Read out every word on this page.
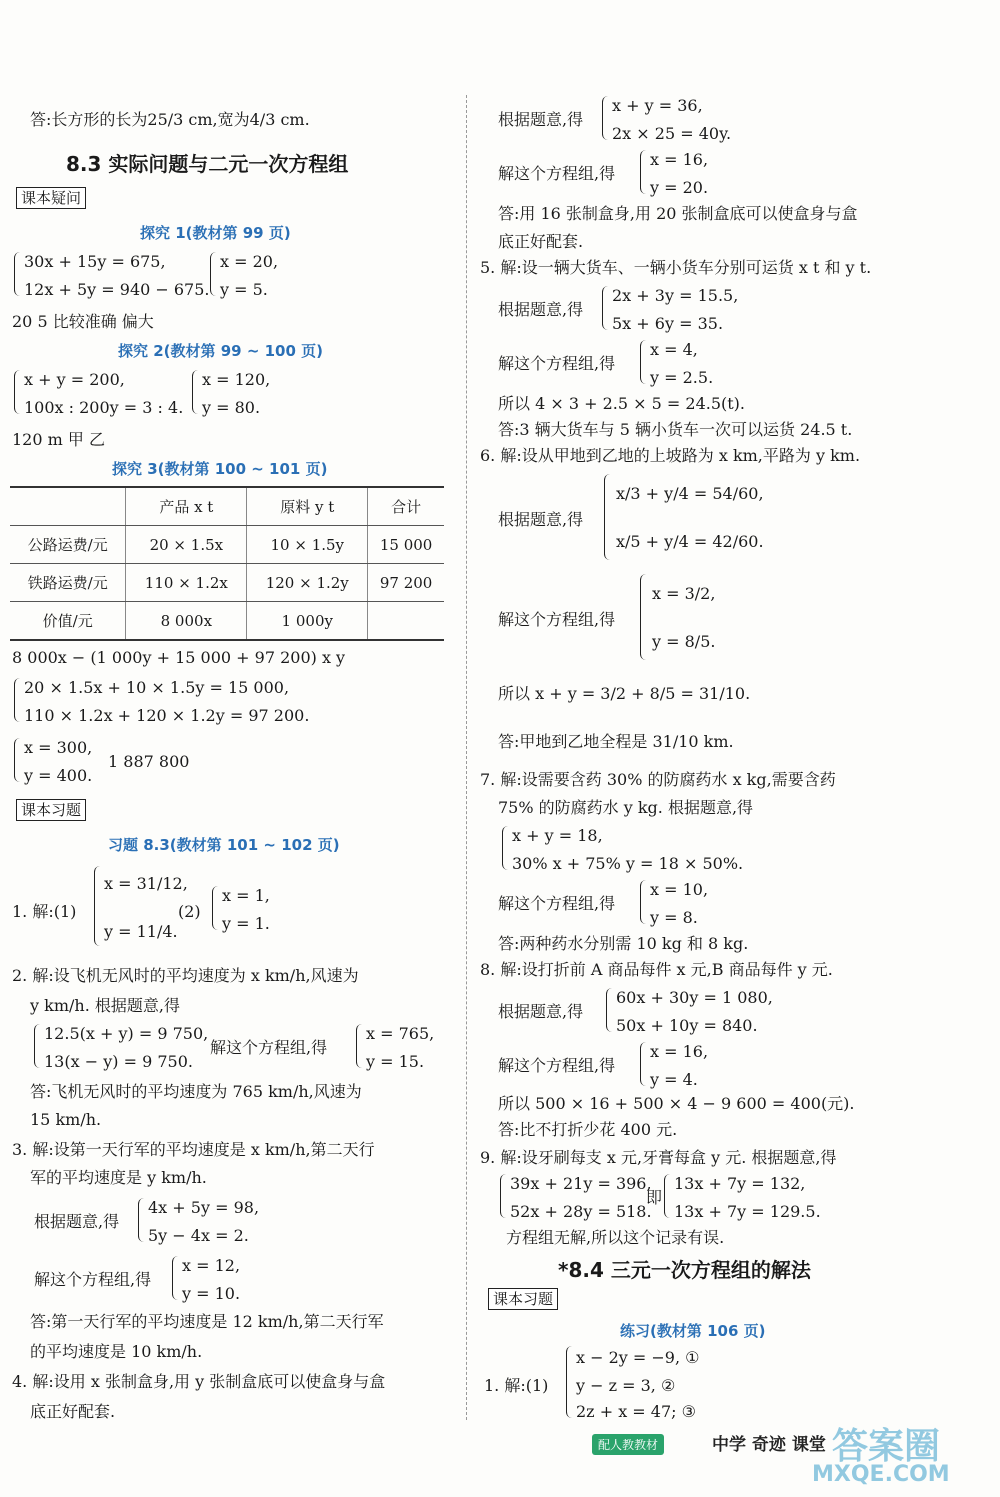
答:长方形的长为25/3 cm,宽为4/3 cm.
8.3 实际问题与二元一次方程组
课本疑问
探究 1(教材第 99 页)
30x + 15y = 675,
12x + 5y = 940 − 675.
x = 20,
y = 5.
20 5 比较准确 偏大
探究 2(教材第 99 ~ 100 页)
x + y = 200,
100x : 200y = 3 : 4.
x = 120,
y = 80.
120 m 甲 乙
探究 3(教材第 100 ~ 101 页)
	产品 x t	原料 y t	合计
公路运费/元	20 × 1.5x	10 × 1.5y	15 000
铁路运费/元	110 × 1.2x	120 × 1.2y	97 200
价值/元	8 000x	1 000y	
8 000x − (1 000y + 15 000 + 97 200) x y
20 × 1.5x + 10 × 1.5y = 15 000,
110 × 1.2x + 120 × 1.2y = 97 200.
x = 300,
y = 400.
1 887 800
课本习题
习题 8.3(教材第 101 ~ 102 页)
1. 解:(1)
x = 31/12,
y = 11/4.
(2)
x = 1,
y = 1.
2. 解:设飞机无风时的平均速度为 x km/h,风速为
y km/h. 根据题意,得
12.5(x + y) = 9 750,
13(x − y) = 9 750.
解这个方程组,得
x = 765,
y = 15.
答:飞机无风时的平均速度为 765 km/h,风速为
15 km/h.
3. 解:设第一天行军的平均速度是 x km/h,第二天行
军的平均速度是 y km/h.
根据题意,得
4x + 5y = 98,
5y − 4x = 2.
解这个方程组,得
x = 12,
y = 10.
答:第一天行军的平均速度是 12 km/h,第二天行军
的平均速度是 10 km/h.
4. 解:设用 x 张制盒身,用 y 张制盒底可以使盒身与盒
底正好配套.
根据题意,得
x + y = 36,
2x × 25 = 40y.
解这个方程组,得
x = 16,
y = 20.
答:用 16 张制盒身,用 20 张制盒底可以使盒身与盒
底正好配套.
5. 解:设一辆大货车、一辆小货车分别可运货 x t 和 y t.
根据题意,得
2x + 3y = 15.5,
5x + 6y = 35.
解这个方程组,得
x = 4,
y = 2.5.
所以 4 × 3 + 2.5 × 5 = 24.5(t).
答:3 辆大货车与 5 辆小货车一次可以运货 24.5 t.
6. 解:设从甲地到乙地的上坡路为 x km,平路为 y km.
根据题意,得
x/3 + y/4 = 54/60,
x/5 + y/4 = 42/60.
解这个方程组,得
x = 3/2,
y = 8/5.
所以 x + y = 3/2 + 8/5 = 31/10.
答:甲地到乙地全程是 31/10 km.
7. 解:设需要含药 30% 的防腐药水 x kg,需要含药
75% 的防腐药水 y kg. 根据题意,得
x + y = 18,
30% x + 75% y = 18 × 50%.
解这个方程组,得
x = 10,
y = 8.
答:两种药水分别需 10 kg 和 8 kg.
8. 解:设打折前 A 商品每件 x 元,B 商品每件 y 元.
根据题意,得
60x + 30y = 1 080,
50x + 10y = 840.
解这个方程组,得
x = 16,
y = 4.
所以 500 × 16 + 500 × 4 − 9 600 = 400(元).
答:比不打折少花 400 元.
9. 解:设牙刷每支 x 元,牙膏每盒 y 元. 根据题意,得
39x + 21y = 396,
52x + 28y = 518.
即
13x + 7y = 132,
13x + 7y = 129.5.
方程组无解,所以这个记录有误.
*8.4 三元一次方程组的解法
课本习题
练习(教材第 106 页)
1. 解:(1)
x − 2y = −9, ①
y − z = 3, ②
2z + x = 47; ③
配人教教材	中学 奇迹 课堂 答案圈
MXQE.COM
